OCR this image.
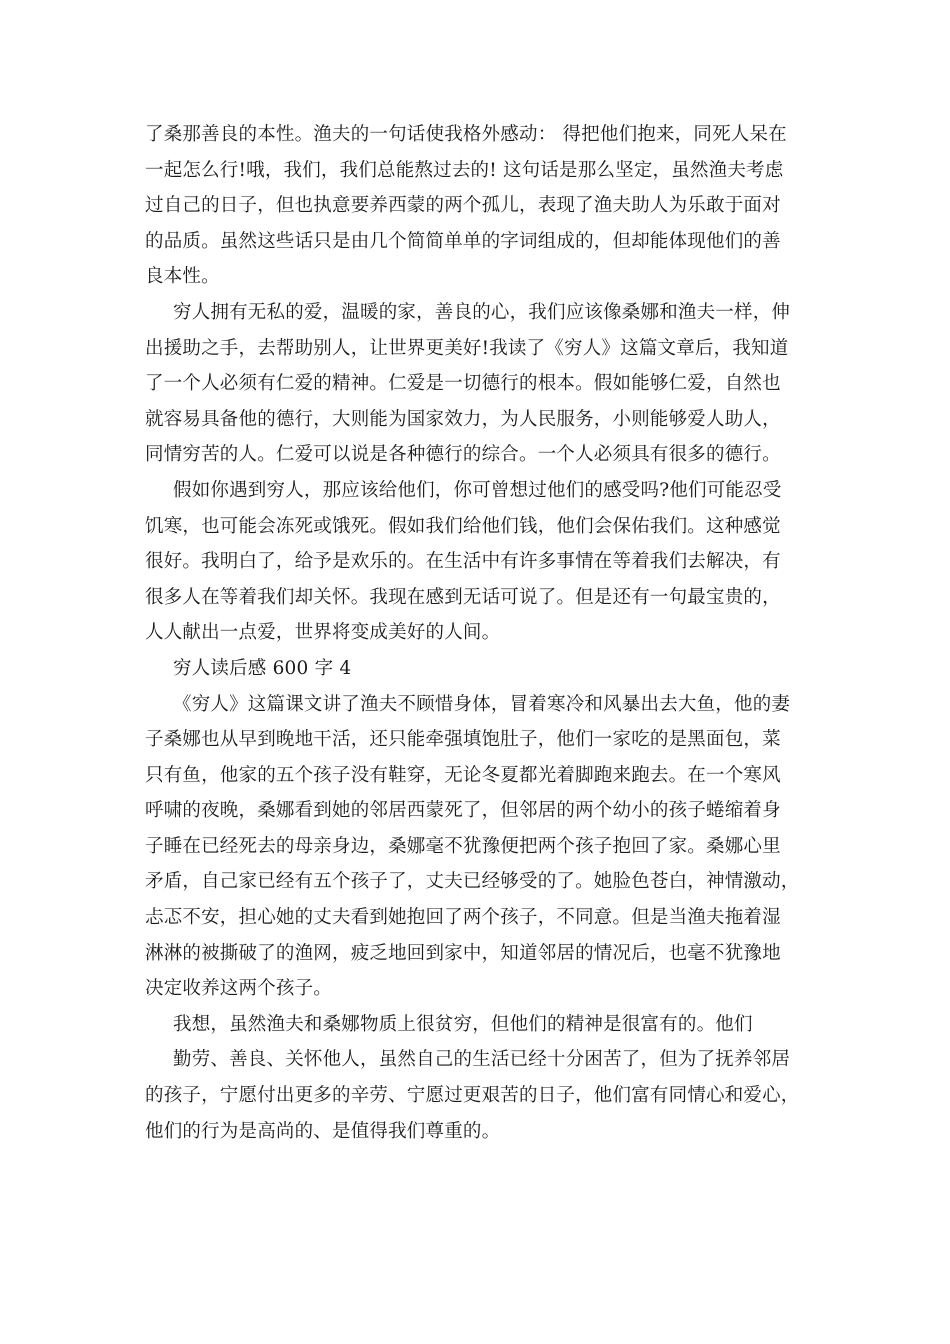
了桑那善良的本性。渔夫的一句话使我格外感动： 得把他们抱来，同死人呆在
一起怎么行!哦，我们，我们总能熬过去的! 这句话是那么坚定，虽然渔夫考虑
过自己的日子，但也执意要养西蒙的两个孤儿，表现了渔夫助人为乐敢于面对
的品质。虽然这些话只是由几个简简单单的字词组成的，但却能体现他们的善
良本性。
穷人拥有无私的爱，温暖的家，善良的心，我们应该像桑娜和渔夫一样，伸
出援助之手，去帮助别人，让世界更美好!我读了《穷人》这篇文章后，我知道
了一个人必须有仁爱的精神。仁爱是一切德行的根本。假如能够仁爱，自然也
就容易具备他的德行，大则能为国家效力，为人民服务，小则能够爱人助人，
同情穷苦的人。仁爱可以说是各种德行的综合。一个人必须具有很多的德行。
假如你遇到穷人，那应该给他们，你可曾想过他们的感受吗?他们可能忍受
饥寒，也可能会冻死或饿死。假如我们给他们钱，他们会保佑我们。这种感觉
很好。我明白了，给予是欢乐的。在生活中有许多事情在等着我们去解决，有
很多人在等着我们却关怀。我现在感到无话可说了。但是还有一句最宝贵的，
人人献出一点爱，世界将变成美好的人间。
穷人读后感 600 字 4
《穷人》这篇课文讲了渔夫不顾惜身体，冒着寒冷和风暴出去大鱼，他的妻
子桑娜也从早到晚地干活，还只能牵强填饱肚子，他们一家吃的是黑面包，菜
只有鱼，他家的五个孩子没有鞋穿，无论冬夏都光着脚跑来跑去。在一个寒风
呼啸的夜晚，桑娜看到她的邻居西蒙死了，但邻居的两个幼小的孩子蜷缩着身
子睡在已经死去的母亲身边，桑娜毫不犹豫便把两个孩子抱回了家。桑娜心里
矛盾，自己家已经有五个孩子了，丈夫已经够受的了。她脸色苍白，神情激动，
忐忑不安，担心她的丈夫看到她抱回了两个孩子，不同意。但是当渔夫拖着湿
淋淋的被撕破了的渔网，疲乏地回到家中，知道邻居的情况后，也毫不犹豫地
决定收养这两个孩子。
我想，虽然渔夫和桑娜物质上很贫穷，但他们的精神是很富有的。他们
勤劳、善良、关怀他人，虽然自己的生活已经十分困苦了，但为了抚养邻居
的孩子，宁愿付出更多的辛劳、宁愿过更艰苦的日子，他们富有同情心和爱心，
他们的行为是高尚的、是值得我们尊重的。
